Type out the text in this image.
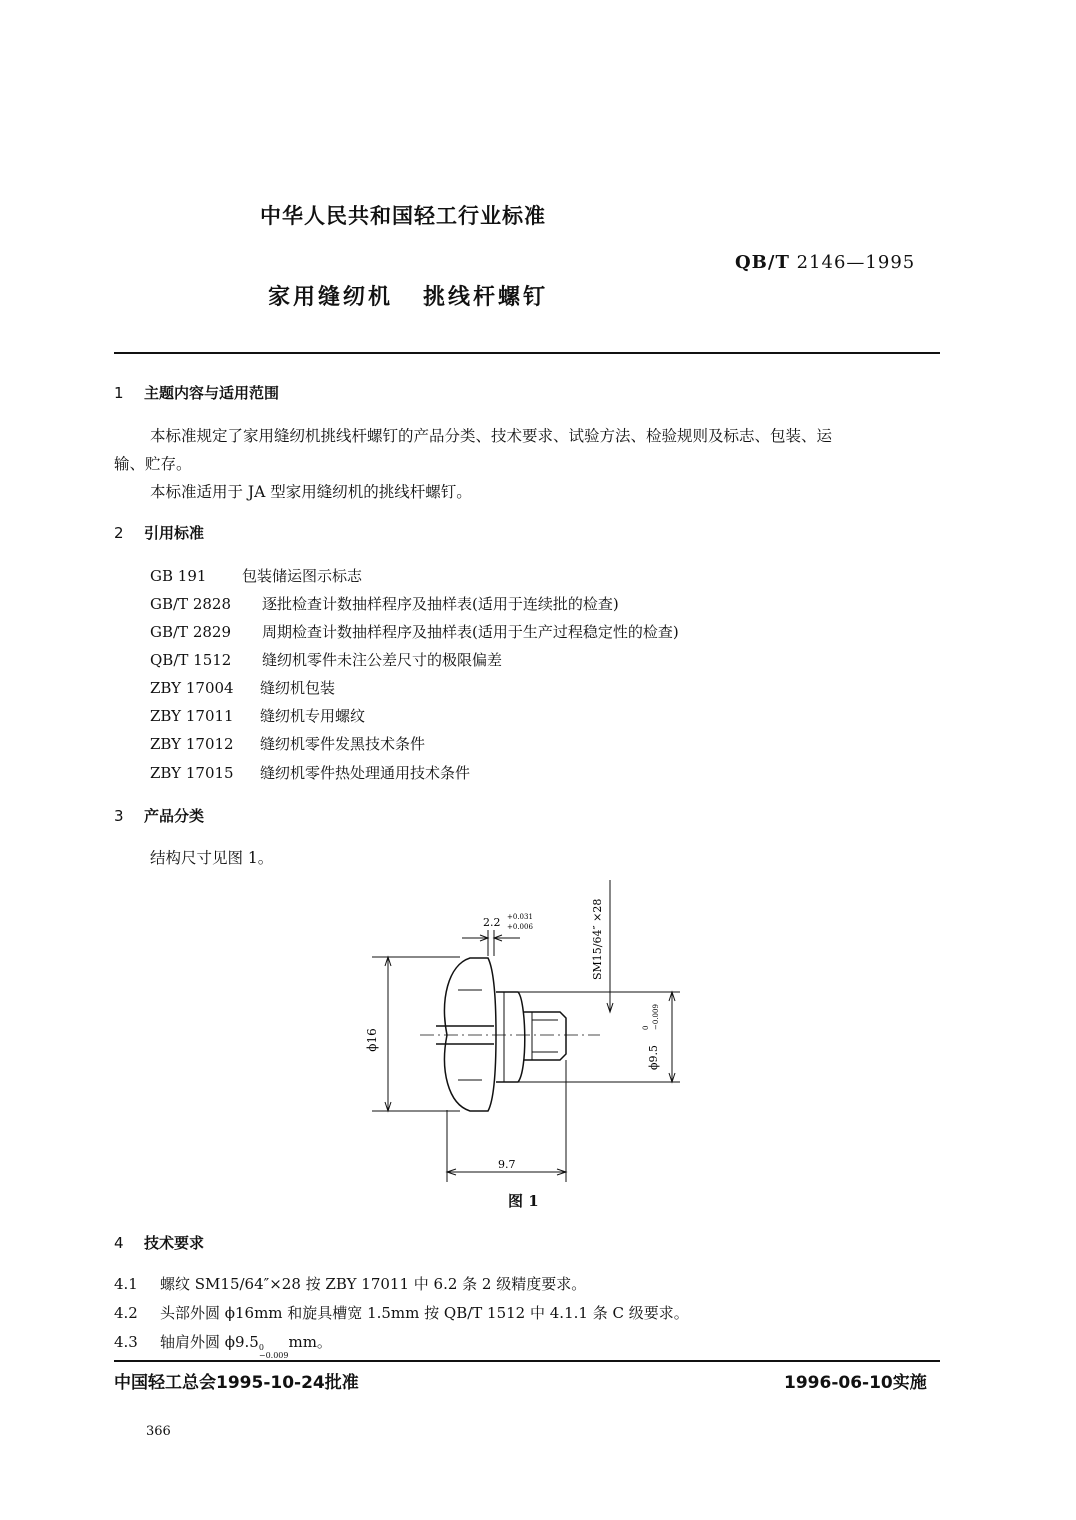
中华人民共和国轻工行业标准
QB/T 2146—1995
家用缝纫机 挑线杆螺钉
1 主题内容与适用范围
本标准规定了家用缝纫机挑线杆螺钉的产品分类、技术要求、试验方法、检验规则及标志、包装、运
输、贮存。
本标准适用于 JA 型家用缝纫机的挑线杆螺钉。
2 引用标准
GB 191 包装储运图示标志
GB/T 2828 逐批检查计数抽样程序及抽样表(适用于连续批的检查)
GB/T 2829 周期检查计数抽样程序及抽样表(适用于生产过程稳定性的检查)
QB/T 1512 缝纫机零件未注公差尺寸的极限偏差
ZBY 17004 缝纫机包装
ZBY 17011 缝纫机专用螺纹
ZBY 17012 缝纫机零件发黑技术条件
ZBY 17015 缝纫机零件热处理通用技术条件
3 产品分类
结构尺寸见图 1。
ϕ16
9.7
2.2 +0.031
+0.006	SM15/64″ ×28
ϕ9.5
0 −0.009
图 1
4 技术要求
4.1 螺纹 SM15/64″×28 按 ZBY 17011 中 6.2 条 2 级精度要求。
4.2 头部外圆 ϕ16mm 和旋具槽宽 1.5mm 按 QB/T 1512 中 4.1.1 条 C 级要求。
4.3 轴肩外圆 ϕ9.5 0
−0.009
mm。
中国轻工总会1995-10-24批准	1996-06-10实施
366
